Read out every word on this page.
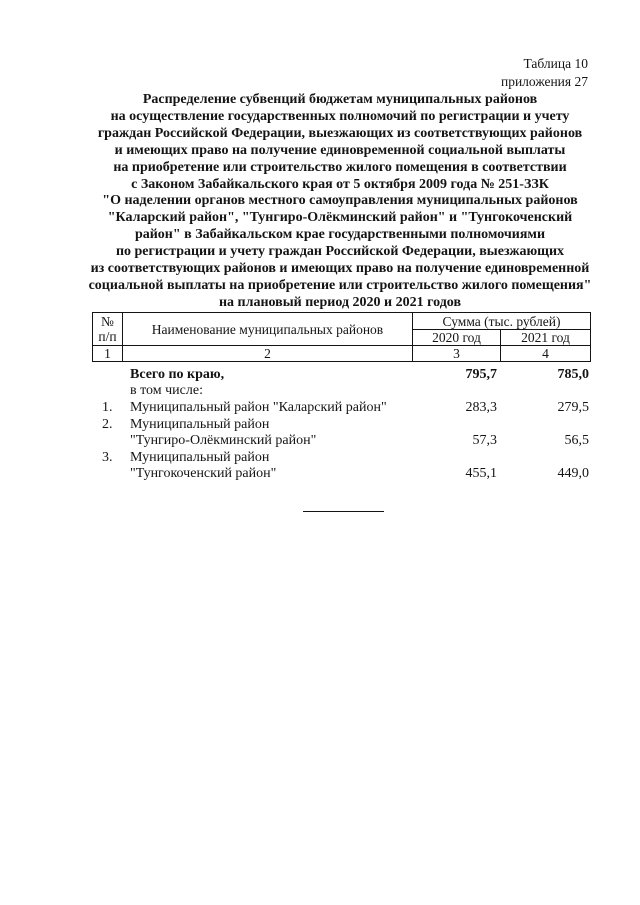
Таблица 10
приложения 27
Распределение субвенций бюджетам муниципальных районов
на осуществление государственных полномочий по регистрации и учету
граждан Российской Федерации, выезжающих из соответствующих районов
и имеющих право на получение единовременной социальной выплаты
на приобретение или строительство жилого помещения в соответствии
с Законом Забайкальского края от 5 октября 2009 года № 251-ЗЗК
"О наделении органов местного самоуправления муниципальных районов
"Каларский район", "Тунгиро-Олёкминский район" и "Тунгокоченский
район" в Забайкальском крае государственными полномочиями
по регистрации и учету граждан Российской Федерации, выезжающих
из соответствующих районов и имеющих право на получение единовременной
социальной выплаты на приобретение или строительство жилого помещения"
на плановый период 2020 и 2021 годов
№
п/п	Наименование муниципальных районов	Сумма (тыс. рублей)	
		2020 год	2021 год
1	2	3	4
Всего по краю,	795,7	785,0
в том числе:
1. Муниципальный район "Каларский район"	283,3	279,5
2. Муниципальный район
"Тунгиро-Олёкминский район"	57,3	56,5
3. Муниципальный район
"Тунгокоченский район"	455,1	449,0
